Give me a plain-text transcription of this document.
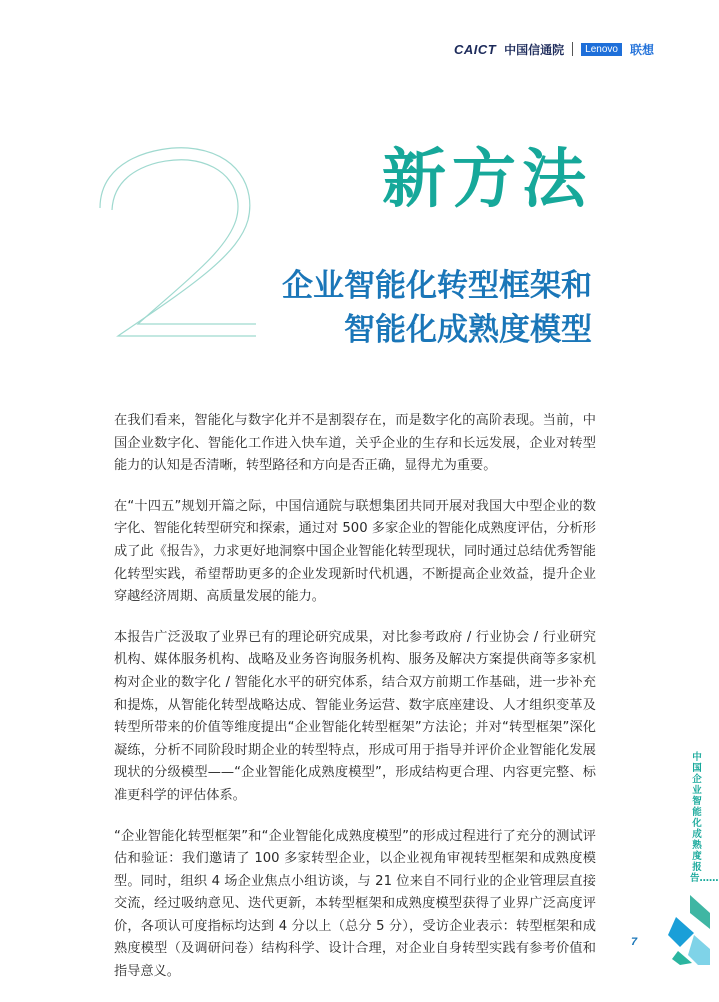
CAICT 中国信通院	Lenovo	联想
新方法
企业智能化转型框架和
智能化成熟度模型

在我们看来，智能化与数字化并不是割裂存在，而是数字化的高阶表现。当前，中国企业数字化、智能化工作进入快车道，关乎企业的生存和长远发展，企业对转型能力的认知是否清晰，转型路径和方向是否正确，显得尤为重要。

在“十四五”规划开篇之际，中国信通院与联想集团共同开展对我国大中型企业的数字化、智能化转型研究和探索，通过对 500 多家企业的智能化成熟度评估，分析形成了此《报告》，力求更好地洞察中国企业智能化转型现状，同时通过总结优秀智能化转型实践，希望帮助更多的企业发现新时代机遇，不断提高企业效益，提升企业穿越经济周期、高质量发展的能力。

本报告广泛汲取了业界已有的理论研究成果，对比参考政府 / 行业协会 / 行业研究机构、媒体服务机构、战略及业务咨询服务机构、服务及解决方案提供商等多家机构对企业的数字化 / 智能化水平的研究体系，结合双方前期工作基础，进一步补充和提炼，从智能化转型战略达成、智能业务运营、数字底座建设、人才组织变革及转型所带来的价值等维度提出“企业智能化转型框架”方法论；并对“转型框架”深化凝练，分析不同阶段时期企业的转型特点，形成可用于指导并评价企业智能化发展现状的分级模型——“企业智能化成熟度模型”，形成结构更合理、内容更完整、标准更科学的评估体系。

“企业智能化转型框架”和“企业智能化成熟度模型”的形成过程进行了充分的测试评估和验证：我们邀请了 100 多家转型企业，以企业视角审视转型框架和成熟度模型。同时，组织 4 场企业焦点小组访谈，与 21 位来自不同行业的企业管理层直接交流，经过吸纳意见、迭代更新，本转型框架和成熟度模型获得了业界广泛高度评价，各项认可度指标均达到 4 分以上（总分 5 分），受访企业表示：转型框架和成熟度模型（及调研问卷）结构科学、设计合理，对企业自身转型实践有参考价值和指导意义。

中国企业智能化成熟度报告……
7
